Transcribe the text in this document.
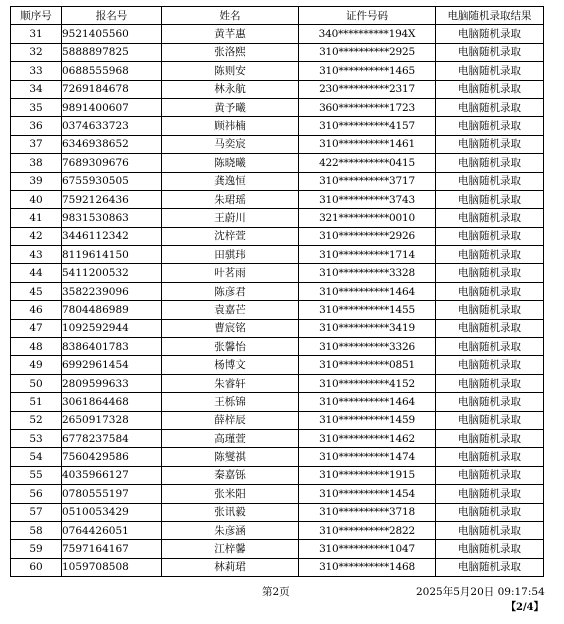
顺序号	报名号	姓名	证件号码	电脑随机录取结果
31	9521405560	黄芊惠	340**********194X	电脑随机录取
32	5888897825	张洛熙	310**********2925	电脑随机录取
33	0688555968	陈则安	310**********1465	电脑随机录取
34	7269184678	林永航	230**********2317	电脑随机录取
35	9891400607	黄予曦	360**********1723	电脑随机录取
36	0374633723	顾祎楠	310**********4157	电脑随机录取
37	6346938652	马奕宸	310**********1461	电脑随机录取
38	7689309676	陈晓曦	422**********0415	电脑随机录取
39	6755930505	龚逸恒	310**********3717	电脑随机录取
40	7592126436	朱珺瑶	310**********3743	电脑随机录取
41	9831530863	王蔚川	321**********0010	电脑随机录取
42	3446112342	沈梓萱	310**********2926	电脑随机录取
43	8119614150	田骐玮	310**********1714	电脑随机录取
44	5411200532	叶茗雨	310**********3328	电脑随机录取
45	3582239096	陈彦君	310**********1464	电脑随机录取
46	7804486989	袁嘉芒	310**********1455	电脑随机录取
47	1092592944	曹宸铭	310**********3419	电脑随机录取
48	8386401783	张馨怡	310**********3326	电脑随机录取
49	6992961454	杨博文	310**********0851	电脑随机录取
50	2809599633	朱睿轩	310**********4152	电脑随机录取
51	3061864468	王栎锦	310**********1464	电脑随机录取
52	2650917328	薛梓辰	310**********1459	电脑随机录取
53	6778237584	高瑾萱	310**********1462	电脑随机录取
54	7560429586	陈燮祺	310**********1474	电脑随机录取
55	4035966127	秦嘉铄	310**********1915	电脑随机录取
56	0780555197	张米阳	310**********1454	电脑随机录取
57	0510053429	张讯毅	310**********3718	电脑随机录取
58	0764426051	朱彦涵	310**********2822	电脑随机录取
59	7597164167	江梓馨	310**********1047	电脑随机录取
60	1059708508	林莉珺	310**********1468	电脑随机录取
第2页	2025年5月20日 09:17:54
【2/4】
